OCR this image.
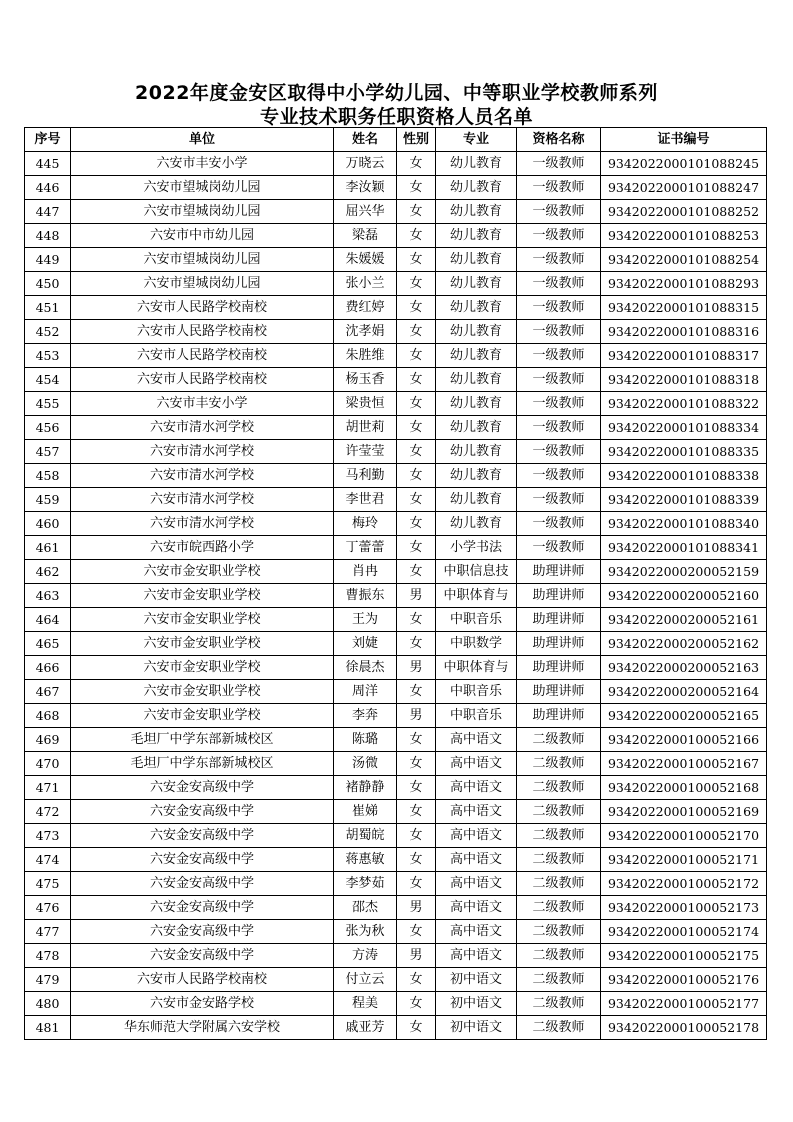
2022年度金安区取得中小学幼儿园、中等职业学校教师系列
专业技术职务任职资格人员名单
序号	单位	姓名	性别	专业	资格名称	证书编号
445	六安市丰安小学	万晓云	女	幼儿教育	一级教师	9342022000101088245
446	六安市望城岗幼儿园	李汝颖	女	幼儿教育	一级教师	9342022000101088247
447	六安市望城岗幼儿园	屈兴华	女	幼儿教育	一级教师	9342022000101088252
448	六安市中市幼儿园	梁磊	女	幼儿教育	一级教师	9342022000101088253
449	六安市望城岗幼儿园	朱媛媛	女	幼儿教育	一级教师	9342022000101088254
450	六安市望城岗幼儿园	张小兰	女	幼儿教育	一级教师	9342022000101088293
451	六安市人民路学校南校	费红婷	女	幼儿教育	一级教师	9342022000101088315
452	六安市人民路学校南校	沈孝娟	女	幼儿教育	一级教师	9342022000101088316
453	六安市人民路学校南校	朱胜维	女	幼儿教育	一级教师	9342022000101088317
454	六安市人民路学校南校	杨玉香	女	幼儿教育	一级教师	9342022000101088318
455	六安市丰安小学	梁贵恒	女	幼儿教育	一级教师	9342022000101088322
456	六安市清水河学校	胡世莉	女	幼儿教育	一级教师	9342022000101088334
457	六安市清水河学校	许莹莹	女	幼儿教育	一级教师	9342022000101088335
458	六安市清水河学校	马利勤	女	幼儿教育	一级教师	9342022000101088338
459	六安市清水河学校	李世君	女	幼儿教育	一级教师	9342022000101088339
460	六安市清水河学校	梅玲	女	幼儿教育	一级教师	9342022000101088340
461	六安市皖西路小学	丁蕾蕾	女	小学书法	一级教师	9342022000101088341
462	六安市金安职业学校	肖冉	女	中职信息技	助理讲师	9342022000200052159
463	六安市金安职业学校	曹振东	男	中职体育与	助理讲师	9342022000200052160
464	六安市金安职业学校	王为	女	中职音乐	助理讲师	9342022000200052161
465	六安市金安职业学校	刘婕	女	中职数学	助理讲师	9342022000200052162
466	六安市金安职业学校	徐晨杰	男	中职体育与	助理讲师	9342022000200052163
467	六安市金安职业学校	周洋	女	中职音乐	助理讲师	9342022000200052164
468	六安市金安职业学校	李奔	男	中职音乐	助理讲师	9342022000200052165
469	毛坦厂中学东部新城校区	陈璐	女	高中语文	二级教师	9342022000100052166
470	毛坦厂中学东部新城校区	汤微	女	高中语文	二级教师	9342022000100052167
471	六安金安高级中学	褚静静	女	高中语文	二级教师	9342022000100052168
472	六安金安高级中学	崔娣	女	高中语文	二级教师	9342022000100052169
473	六安金安高级中学	胡蜀皖	女	高中语文	二级教师	9342022000100052170
474	六安金安高级中学	蒋惠敏	女	高中语文	二级教师	9342022000100052171
475	六安金安高级中学	李梦茹	女	高中语文	二级教师	9342022000100052172
476	六安金安高级中学	邵杰	男	高中语文	二级教师	9342022000100052173
477	六安金安高级中学	张为秋	女	高中语文	二级教师	9342022000100052174
478	六安金安高级中学	方涛	男	高中语文	二级教师	9342022000100052175
479	六安市人民路学校南校	付立云	女	初中语文	二级教师	9342022000100052176
480	六安市金安路学校	程美	女	初中语文	二级教师	9342022000100052177
481	华东师范大学附属六安学校	戚亚芳	女	初中语文	二级教师	9342022000100052178
